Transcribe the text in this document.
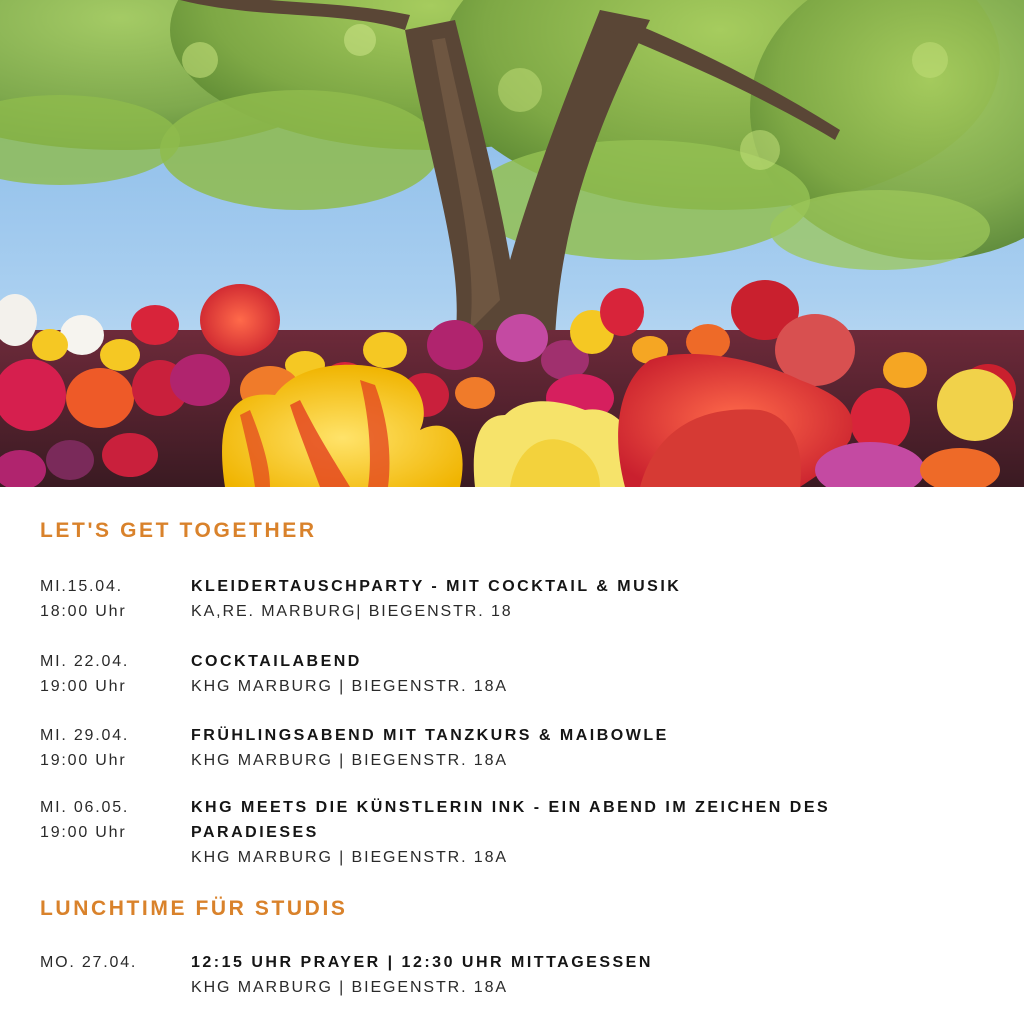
LET'S GET TOGETHER
MI.15.04.
18:00 Uhr
KLEIDERTAUSCHPARTY - MIT COCKTAIL & MUSIK
KA,RE. MARBURG| BIEGENSTR. 18
MI. 22.04.
19:00 Uhr
COCKTAILABEND
KHG MARBURG | BIEGENSTR. 18A
MI. 29.04.
19:00 Uhr
FRÜHLINGSABEND MIT TANZKURS & MAIBOWLE
KHG MARBURG | BIEGENSTR. 18A
MI. 06.05.
19:00 Uhr
KHG MEETS DIE KÜNSTLERIN INK - EIN ABEND IM ZEICHEN DES PARADIESES
KHG MARBURG | BIEGENSTR. 18A
LUNCHTIME FÜR STUDIS
MO. 27.04.	12:15 UHR PRAYER | 12:30 UHR MITTAGESSEN
KHG MARBURG | BIEGENSTR. 18A
